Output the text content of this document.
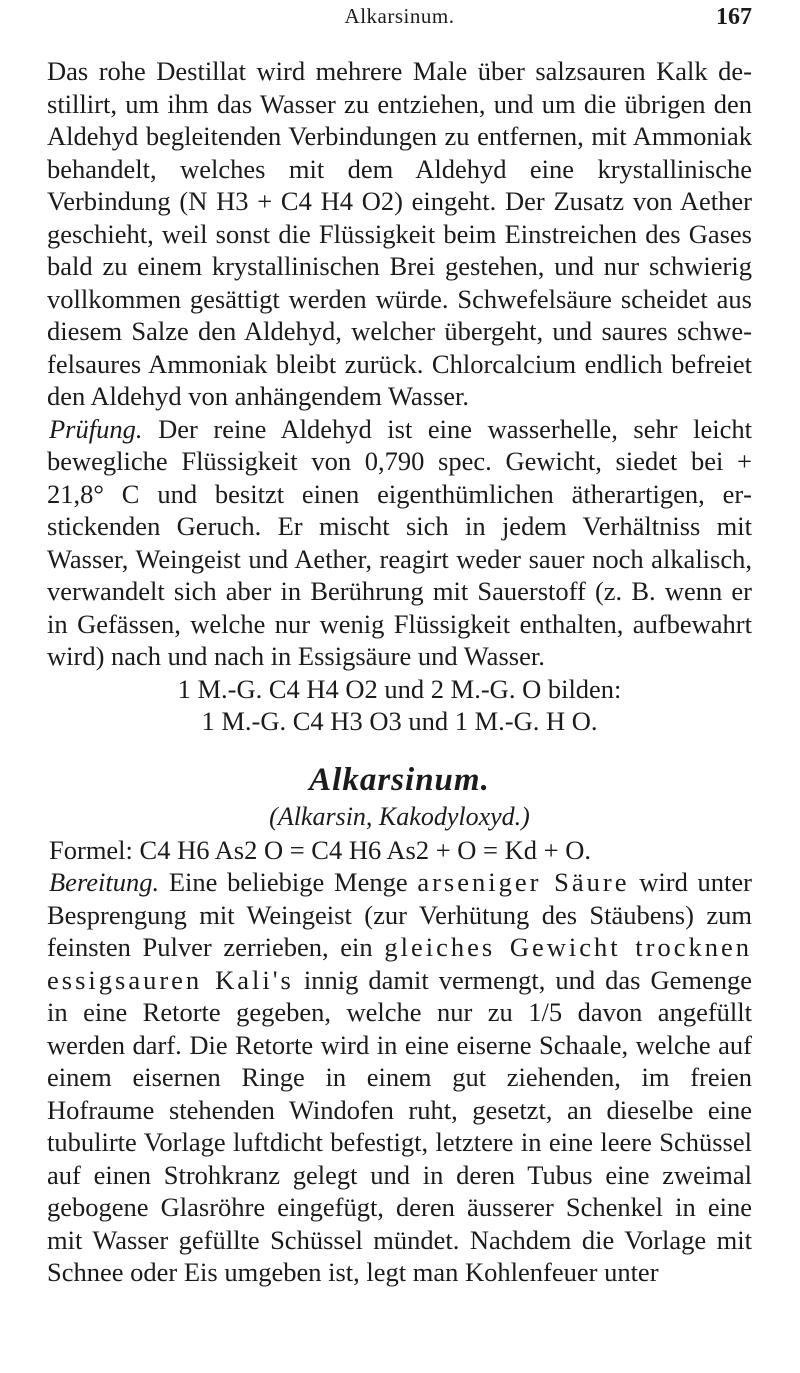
Alkarsinum.	167

Das rohe Destillat wird mehrere Male über salzsauren Kalk destillirt, um ihm das Wasser zu entziehen, und um die übrigen den Aldehyd begleitenden Verbindungen zu entfernen, mit Ammoniak behandelt, welches mit dem Aldehyd eine krystallinische Verbindung (N H3 + C4 H4 O2) eingeht. Der Zusatz von Aether geschieht, weil sonst die Flüssigkeit beim Einstreichen des Gases bald zu einem krystallinischen Brei gestehen, und nur schwierig vollkommen gesättigt werden würde. Schwefelsäure scheidet aus diesem Salze den Aldehyd, welcher übergeht, und saures schwefelsaures Ammoniak bleibt zurück. Chlorcalcium endlich befreiet den Aldehyd von anhängendem Wasser.

Prüfung. Der reine Aldehyd ist eine wasserhelle, sehr leicht bewegliche Flüssigkeit von 0,790 spec. Gewicht, siedet bei + 21,8° C und besitzt einen eigenthümlichen ätherartigen, erstickenden Geruch. Er mischt sich in jedem Verhältniss mit Wasser, Weingeist und Aether, reagirt weder sauer noch alkalisch, verwandelt sich aber in Berührung mit Sauerstoff (z. B. wenn er in Gefässen, welche nur wenig Flüssigkeit enthalten, aufbewahrt wird) nach und nach in Essigsäure und Wasser.

1 M.-G. C4 H4 O2 und 2 M.-G. O bilden:

1 M.-G. C4 H3 O3 und 1 M.-G. H O.

Alkarsinum.
(Alkarsin, Kakodyloxyd.)

Formel: C4 H6 As2 O = C4 H6 As2 + O = Kd + O.

Bereitung. Eine beliebige Menge arseniger Säure wird unter Besprengung mit Weingeist (zur Verhütung des Stäubens) zum feinsten Pulver zerrieben, ein gleiches Gewicht trocknen essigsauren Kali's innig damit vermengt, und das Gemenge in eine Retorte gegeben, welche nur zu 1/5 davon angefüllt werden darf. Die Retorte wird in eine eiserne Schaale, welche auf einem eisernen Ringe in einem gut ziehenden, im freien Hofraume stehenden Windofen ruht, gesetzt, an dieselbe eine tubulirte Vorlage luftdicht befestigt, letztere in eine leere Schüssel auf einen Strohkranz gelegt und in deren Tubus eine zweimal gebogene Glasröhre eingefügt, deren äusserer Schenkel in eine mit Wasser gefüllte Schüssel mündet. Nachdem die Vorlage mit Schnee oder Eis umgeben ist, legt man Kohlenfeuer unter
